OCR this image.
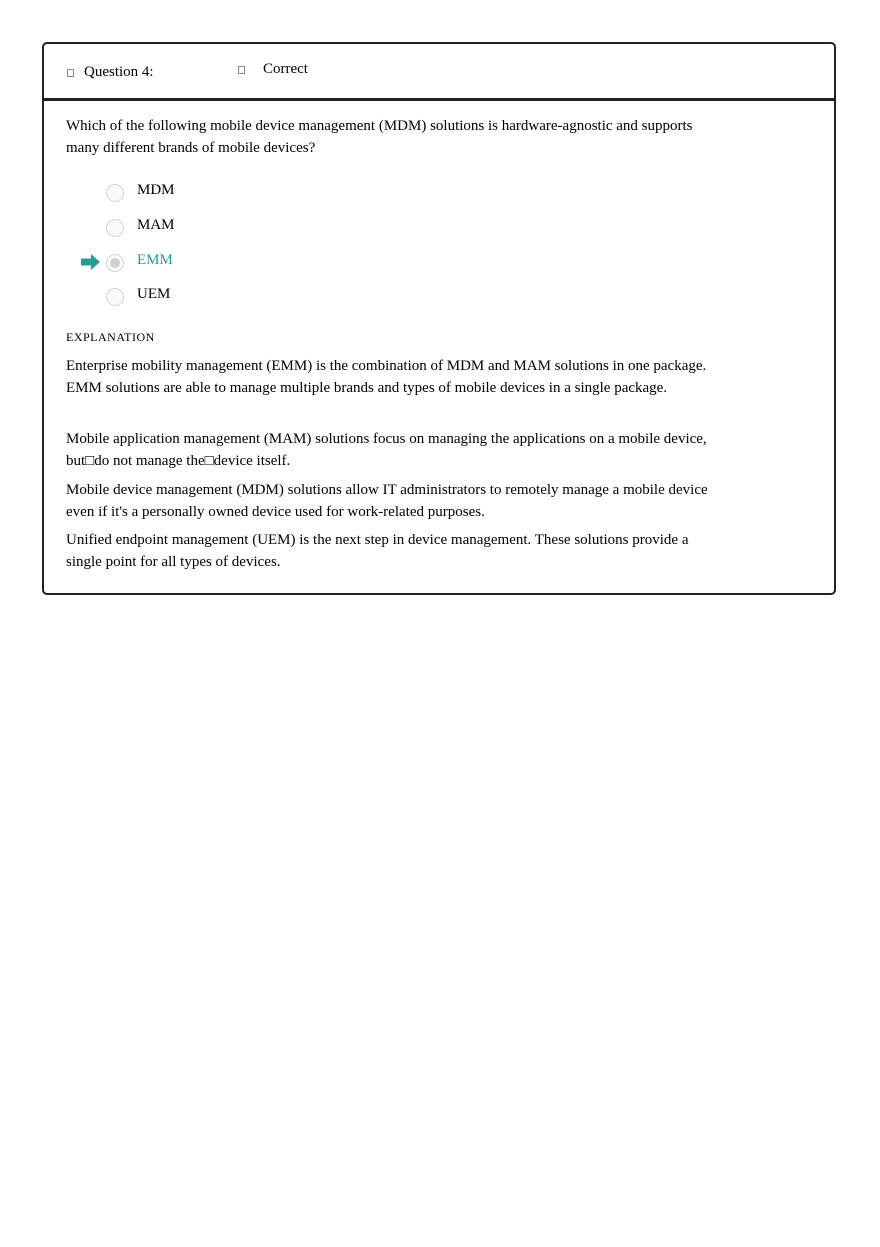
Question 4:	Correct

Which of the following mobile device management (MDM) solutions is hardware-agnostic and supports many different brands of mobile devices?

MDM
MAM
EMM
UEM
EXPLANATION

Enterprise mobility management (EMM) is the combination of MDM and MAM solutions in one package. EMM solutions are able to manage multiple brands and types of mobile devices in a single package.

Mobile application management (MAM) solutions focus on managing the applications on a mobile device, but□do not manage the□device itself.

Mobile device management (MDM) solutions allow IT administrators to remotely manage a mobile device even if it's a personally owned device used for work-related purposes.

Unified endpoint management (UEM) is the next step in device management. These solutions provide a single point for all types of devices.
